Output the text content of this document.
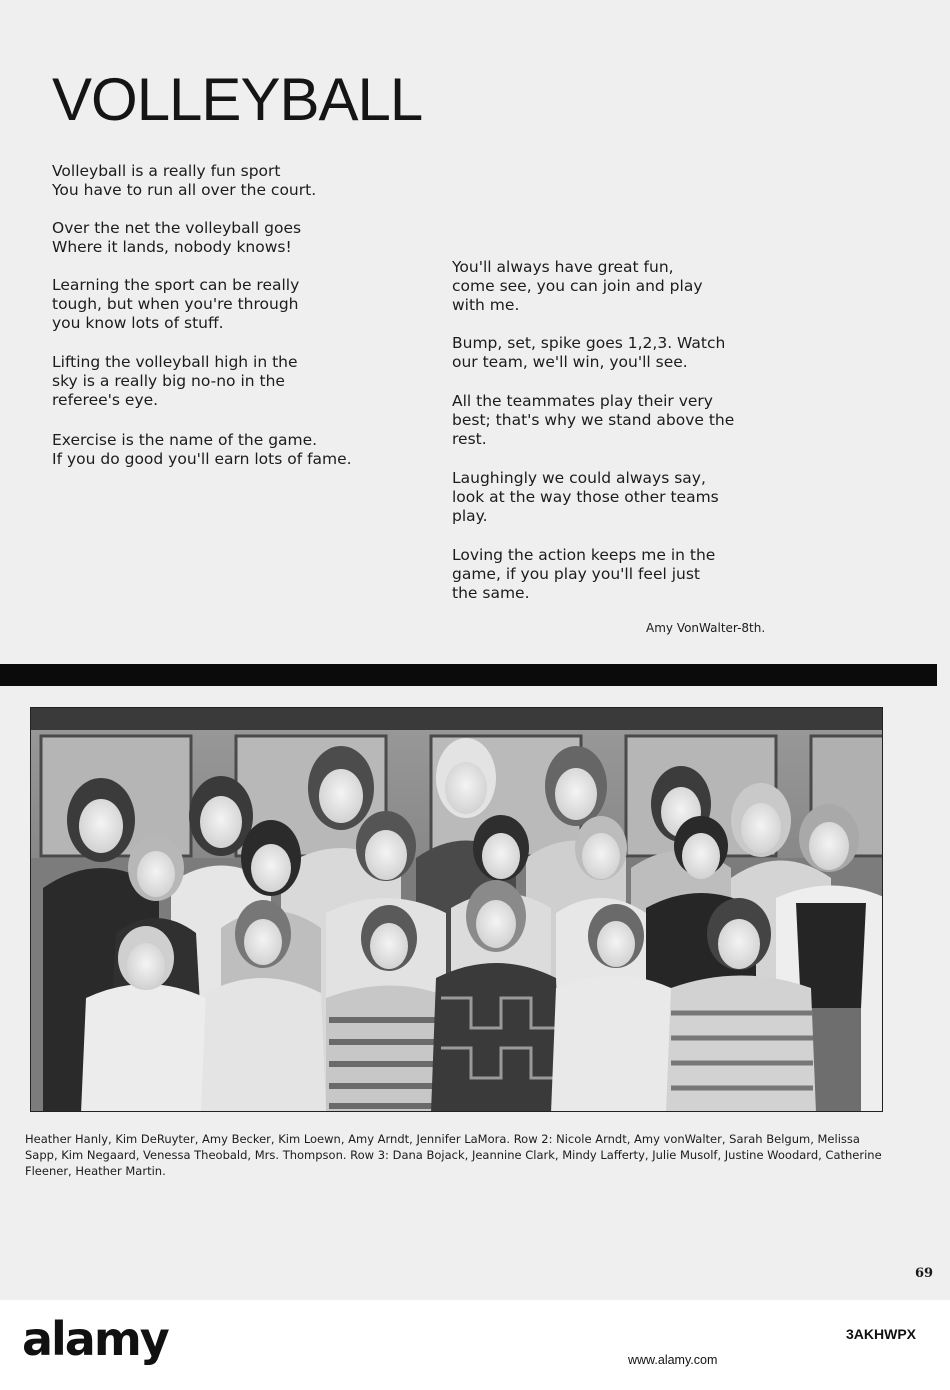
VOLLEYBALL
Volleyball is a really fun sport
You have to run all over the court.
Over the net the volleyball goes
Where it lands, nobody knows!
Learning the sport can be really
tough, but when you're through
you know lots of stuff.
Lifting the volleyball high in the
sky is a really big no-no in the
referee's eye.
Exercise is the name of the game.
If you do good you'll earn lots of fame.
You'll always have great fun,
come see, you can join and play
with me.
Bump, set, spike goes 1,2,3. Watch
our team, we'll win, you'll see.
All the teammates play their very
best; that's why we stand above the
rest.
Laughingly we could always say,
look at the way those other teams
play.
Loving the action keeps me in the
game, if you play you'll feel just
the same.
Amy VonWalter-8th.
Heather Hanly, Kim DeRuyter, Amy Becker, Kim Loewn, Amy Arndt, Jennifer LaMora. Row 2: Nicole Arndt, Amy vonWalter, Sarah Belgum, Melissa Sapp, Kim Negaard, Venessa Theobald, Mrs. Thompson. Row 3: Dana Bojack, Jeannine Clark, Mindy Lafferty, Julie Musolf, Justine Woodard, Catherine Fleener, Heather Martin.
69
alamy	3AKHWPX
www.alamy.com
